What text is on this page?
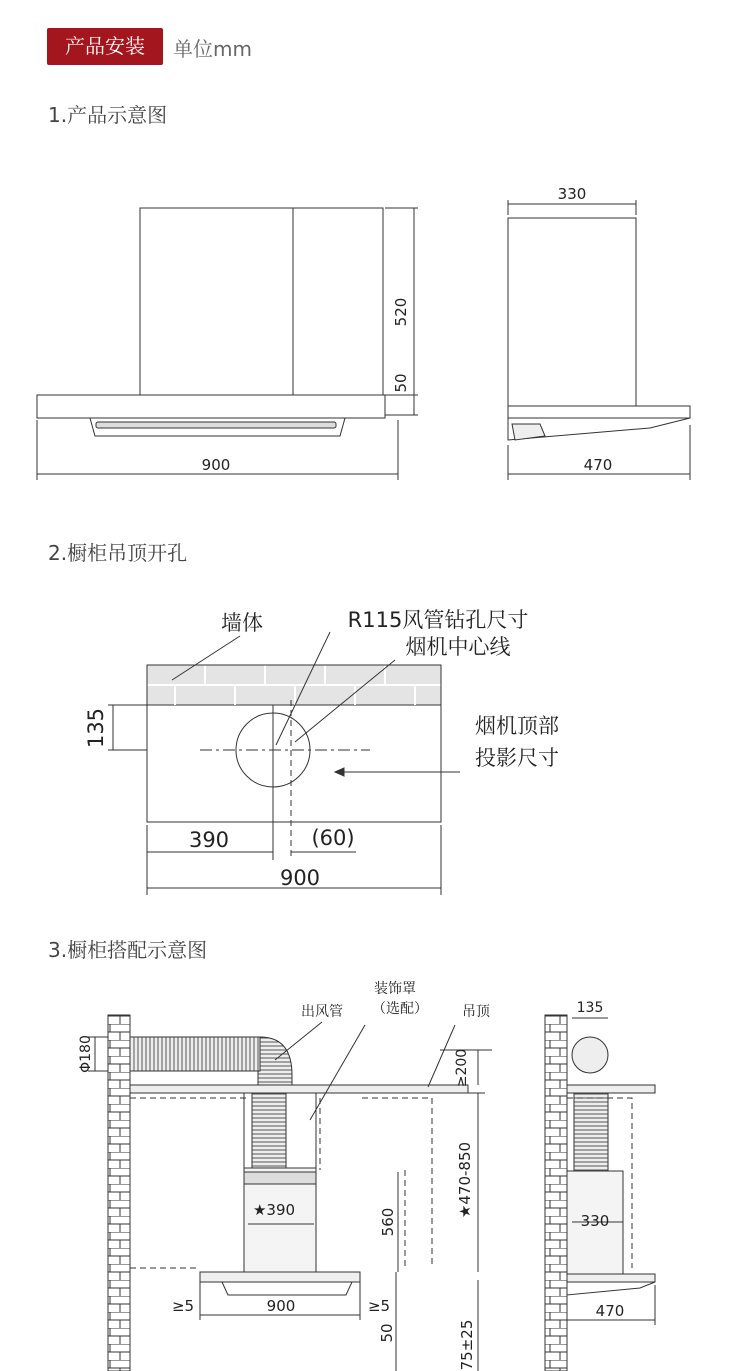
产品安装	单位mm
1.产品示意图
2.橱柜吊顶开孔
3.橱柜搭配示意图
520
50
900
330
470
墙体	R115风管钻孔尺寸
烟机中心线
烟机顶部
投影尺寸
135
390	(60)
900
装饰罩
（选配）
出风管	吊顶
Φ180	≥200
★390	560
★470-850
≥5	900	≥5
50	75±25
135
330
470
